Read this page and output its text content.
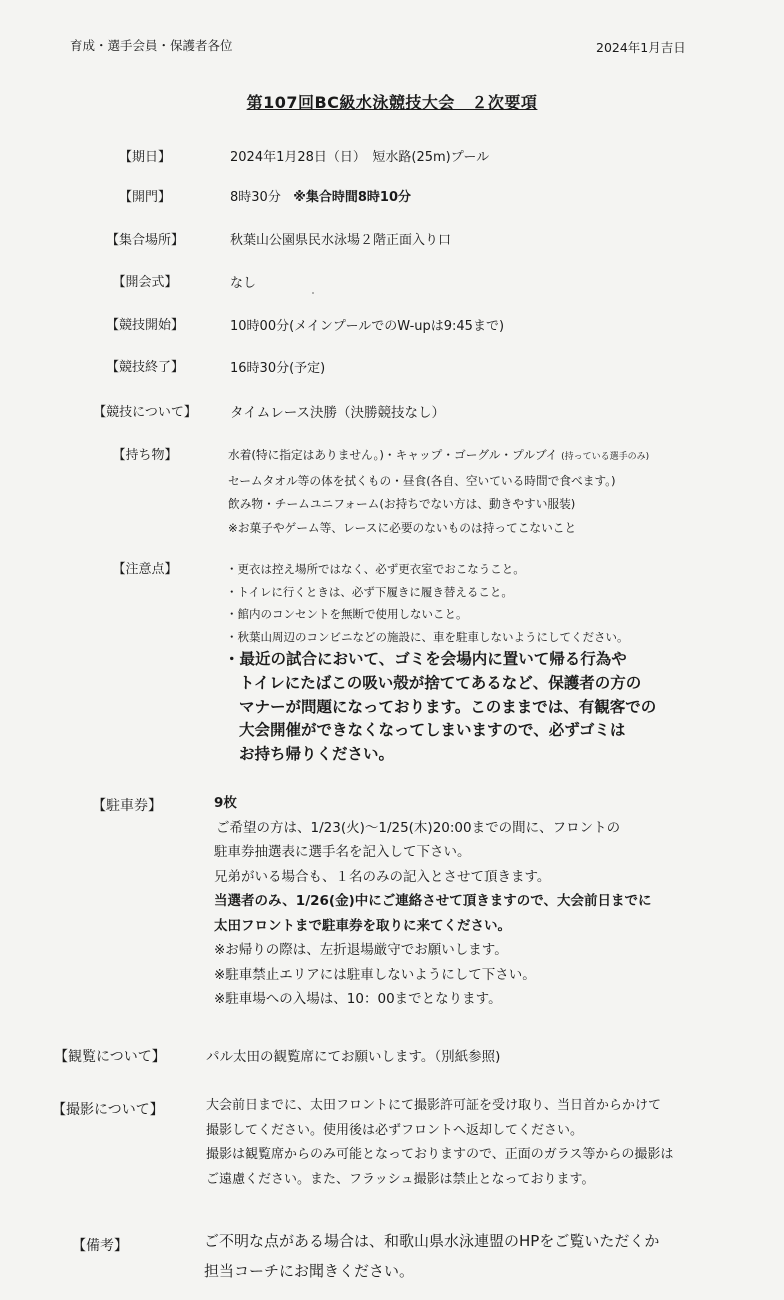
育成・選手会員・保護者各位	2024年1月吉日
第107回BC級水泳競技大会　２次要項
【期日】	2024年1月28日（日）　短水路(25m)プール
【開門】	8時30分 ※集合時間8時10分
【集合場所】	秋葉山公園県民水泳場２階正面入り口
【開会式】	なし
【競技開始】	10時00分(メインプールでのW-upは9:45まで)
【競技終了】	16時30分(予定)
【競技について】	タイムレース決勝（決勝競技なし）
【持ち物】	水着(特に指定はありません。)・キャップ・ゴーグル・プルブイ (持っている選手のみ)
セームタオル等の体を拭くもの・昼食(各自、空いている時間で食べます。)
飲み物・チームユニフォーム(お持ちでない方は、動きやすい服装)
※お菓子やゲーム等、レースに必要のないものは持ってこないこと
【注意点】	・更衣は控え場所ではなく、必ず更衣室でおこなうこと。
・トイレに行くときは、必ず下履きに履き替えること。
・館内のコンセントを無断で使用しないこと。
・秋葉山周辺のコンビニなどの施設に、車を駐車しないようにしてください。
・最近の試合において、ゴミを会場内に置いて帰る行為や
トイレにたばこの吸い殻が捨ててあるなど、保護者の方の
マナーが問題になっております。このままでは、有観客での
大会開催ができなくなってしまいますので、必ずゴミは
お持ち帰りください。
【駐車券】	9枚
ご希望の方は、1/23(火)～1/25(木)20:00までの間に、フロントの
駐車券抽選表に選手名を記入して下さい。
兄弟がいる場合も、１名のみの記入とさせて頂きます。
当選者のみ、1/26(金)中にご連絡させて頂きますので、大会前日までに
太田フロントまで駐車券を取りに来てください。
※お帰りの際は、左折退場厳守でお願いします。
※駐車禁止エリアには駐車しないようにして下さい。
※駐車場への入場は、10：00までとなります。
【観覧について】	パル太田の観覧席にてお願いします。（別紙参照)
【撮影について】	大会前日までに、太田フロントにて撮影許可証を受け取り、当日首からかけて
撮影してください。使用後は必ずフロントへ返却してください。
撮影は観覧席からのみ可能となっておりますので、正面のガラス等からの撮影は
ご遠慮ください。また、フラッシュ撮影は禁止となっております。
【備考】	ご不明な点がある場合は、和歌山県水泳連盟のHPをご覧いただくか
担当コーチにお聞きください。
